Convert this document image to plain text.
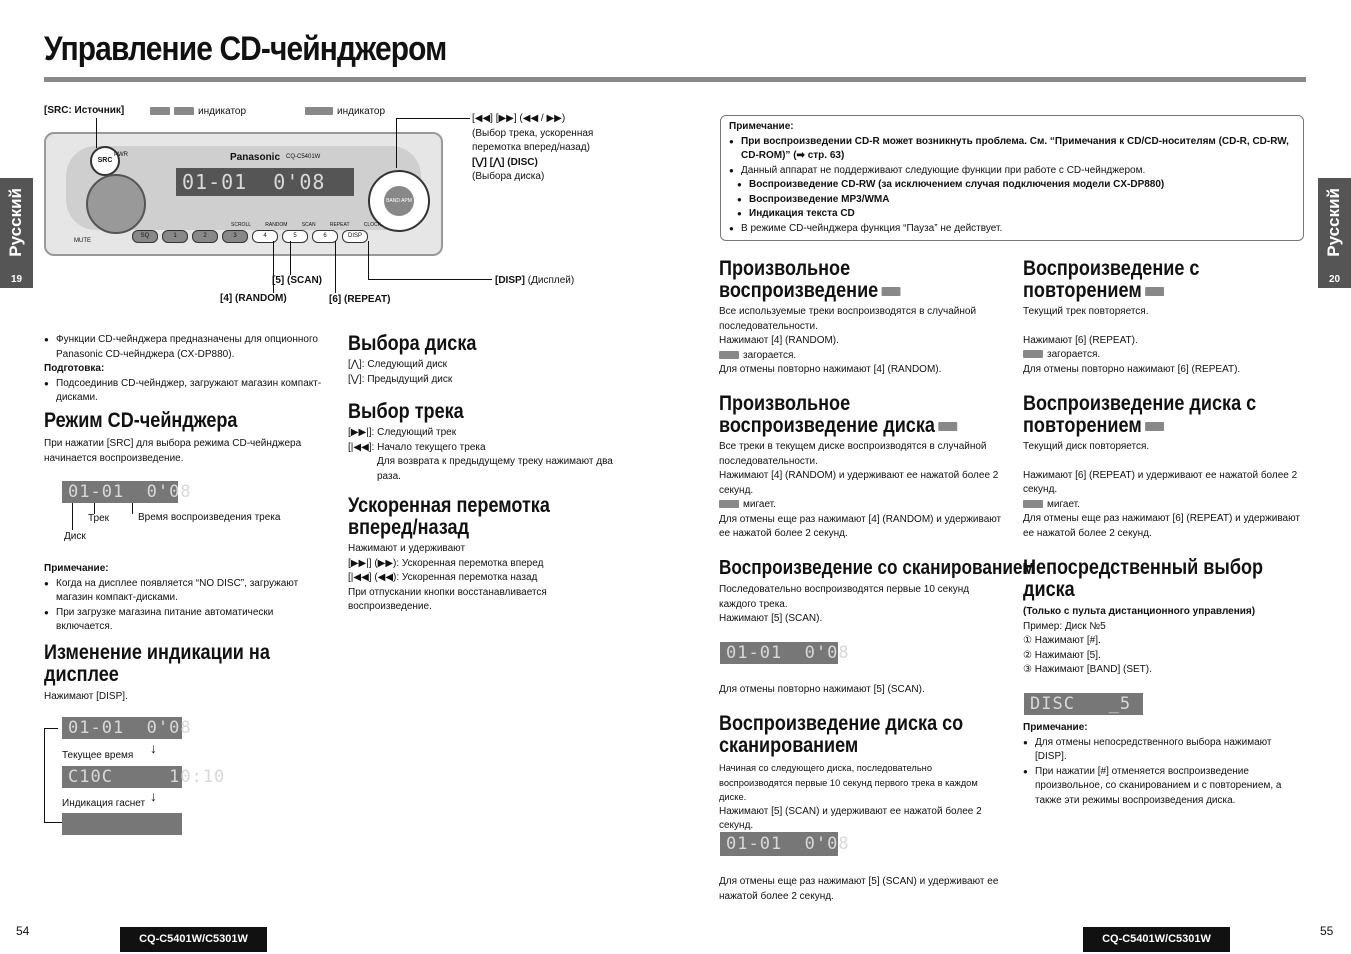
Управление CD-чейнджером
Русский
19
Русский
20
[SRC: Источник]	индикатор	индикатор
[◀◀] [▶▶] (◀◀ / ▶▶)
(Выбор трека, ускоренная перемотка вперед/назад)
[⋁] [⋀] (DISC)
(Выбора диска)
SRC
PWR
MUTE
Panasonic CQ-C5401W
01-01  0'08
BAND APM
SCROLL	RANDOM	SCAN	REPEAT	CLOCK
SQ	1	2	3	4	5	6	DISP
[5] (SCAN)
[4] (RANDOM)	[6] (REPEAT)
[DISP] (Дисплей)
● Функции CD-чейнджера предназначены для опционного Panasonic CD-чейнджера (CX-DP880).
Подготовка:
● Подсоединив CD-чейнджер, загружают магазин компакт-дисками.
Режим CD-чейнджера
При нажатии [SRC] для выбора режима CD-чейнджера начинается воспроизведение.
01-01  0'08
Трек	Время воспроизведения трека
Диск
Примечание:
● Когда на дисплее появляется “NO DISC”, загружают магазин компакт-дисками.
● При загрузке магазина питание автоматически включается.
Изменение индикации на
дисплее
Нажимают [DISP].
01-01  0'08
Текущее время ↓
C10C     10:10
Индикация гаснет ↓
Выбора диска
[⋀]: Следующий диск
[⋁]: Предыдущий диск
Выбор трека
[▶▶|]: Следующий трек
[|◀◀]: Начало текущего трека
Для возврата к предыдущему треку нажимают два раза.
Ускоренная перемотка
вперед/назад
Нажимают и удерживают
[▶▶|] (▶▶): Ускоренная перемотка вперед
[|◀◀] (◀◀): Ускоренная перемотка назад
При отпускании кнопки восстанавливается воспроизведение.
Примечание:
● При воспроизведении CD-R может возникнуть проблема. См. “Примечания к CD/CD-носителям (CD-R, CD-RW, CD-ROM)” (➡ стр. 63)
● Данный аппарат не поддерживают следующие функции при работе с CD-чейнджером.
● Воспроизведение CD-RW (за исключением случая подключения модели CX-DP880)
● Воспроизведение MP3/WMA
● Индикация текста CD
● В режиме CD-чейнджера функция “Пауза” не действует.
Произвольное
воспроизведение
Все используемые треки воспроизводятся в случайной последовательности.
Нажимают [4] (RANDOM).
загорается.
Для отмены повторно нажимают [4] (RANDOM).
Произвольное
воспроизведение диска
Все треки в текущем диске воспроизводятся в случайной последовательности.
Нажимают [4] (RANDOM) и удерживают ее нажатой более 2 секунд.
мигает.
Для отмены еще раз нажимают [4] (RANDOM) и удерживают ее нажатой более 2 секунд.
Воспроизведение со сканированием
Последовательно воспроизводятся первые 10 секунд каждого трека.
Нажимают [5] (SCAN).
01-01  0'08
Для отмены повторно нажимают [5] (SCAN).
Воспроизведение диска со
сканированием
Начиная со следующего диска, последовательно воспроизводятся первые 10 секунд первого трека в каждом диске.
Нажимают [5] (SCAN) и удерживают ее нажатой более 2 секунд.
01-01  0'08
Для отмены еще раз нажимают [5] (SCAN) и удерживают ее нажатой более 2 секунд.
Воспроизведение с
повторением
Текущий трек повторяется.
Нажимают [6] (REPEAT).
загорается.
Для отмены повторно нажимают [6] (REPEAT).
Воспроизведение диска с
повторением
Текущий диск повторяется.
Нажимают [6] (REPEAT) и удерживают ее нажатой более 2 секунд.
мигает.
Для отмены еще раз нажимают [6] (REPEAT) и удерживают ее нажатой более 2 секунд.
Непосредственный выбор
диска
(Только с пульта дистанционного управления)
Пример: Диск №5
① Нажимают [#].
② Нажимают [5].
③ Нажимают [BAND] (SET).
DISC   _5
Примечание:
● Для отмены непосредственного выбора нажимают [DISP].
● При нажатии [#] отменяется воспроизведение произвольное, со сканированием и с повторением, а также эти режимы воспроизведения диска.
54
CQ-C5401W/C5301W	CQ-C5401W/C5301W
55
